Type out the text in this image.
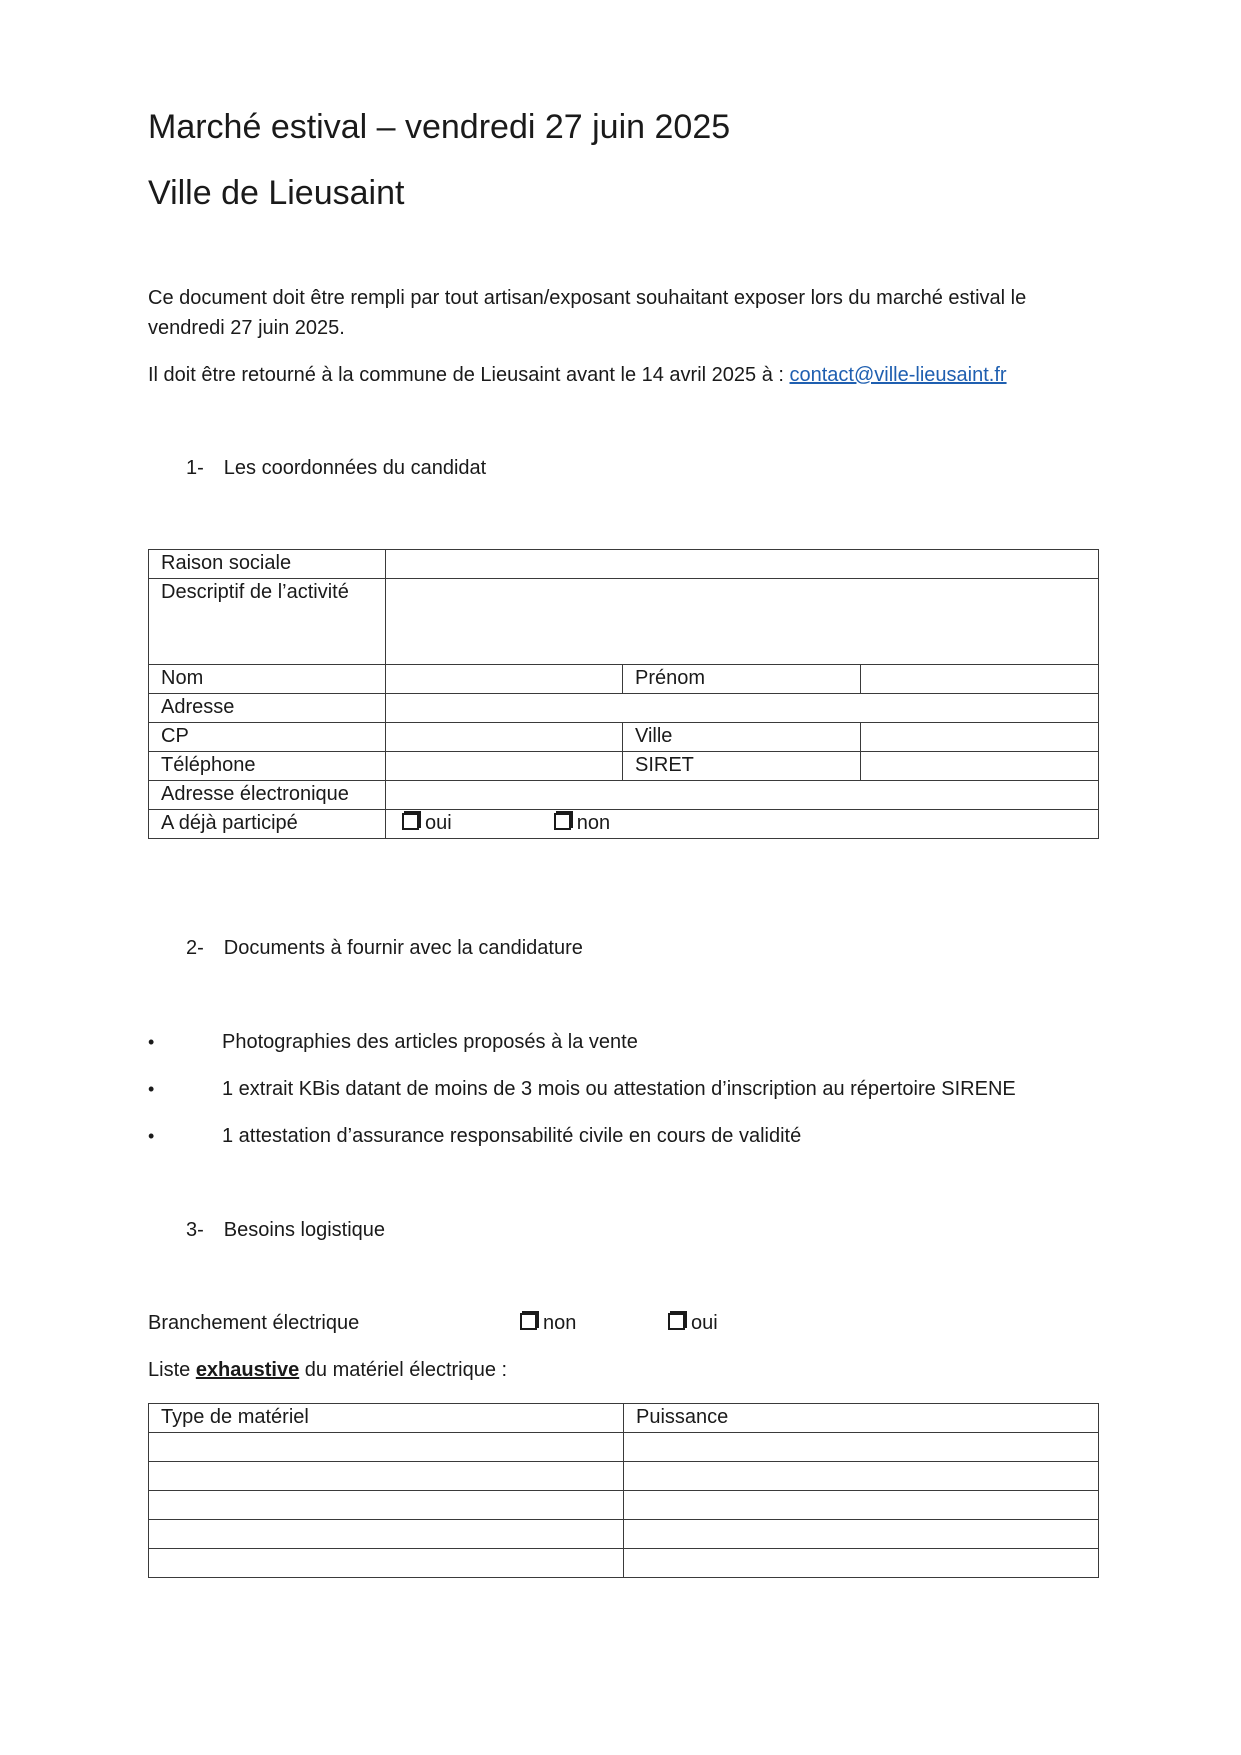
Marché estival – vendredi 27 juin 2025
Ville de Lieusaint
Ce document doit être rempli par tout artisan/exposant souhaitant exposer lors du marché estival le
vendredi 27 juin 2025.
Il doit être retourné à la commune de Lieusaint avant le 14 avril 2025 à : contact@ville-lieusaint.fr
1- Les coordonnées du candidat
Raison sociale			
Descriptif de l’activité			
Nom		Prénom	
Adresse			
CP		Ville	
Téléphone		SIRET	
Adresse électronique			
A déjà participé	oui non		
2- Documents à fournir avec la candidature
•	Photographies des articles proposés à la vente
•	1 extrait KBis datant de moins de 3 mois ou attestation d’inscription au répertoire SIRENE
•	1 attestation d’assurance responsabilité civile en cours de validité
3- Besoins logistique
Branchement électrique	non	oui
Liste exhaustive du matériel électrique :
Type de matériel	Puissance
